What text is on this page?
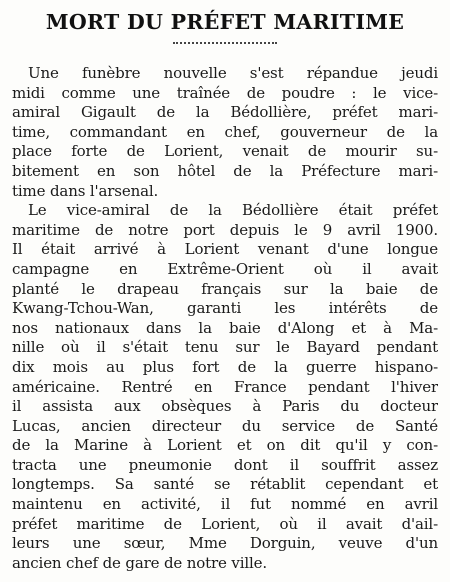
MORT DU PRÉFET MARITIME

Une funèbre nouvelle s'est répandue jeudi
midi comme une traînée de poudre : le vice-
amiral Gigault de la Bédollière, préfet mari-
time, commandant en chef, gouverneur de la
place forte de Lorient, venait de mourir su-
bitement en son hôtel de la Préfecture mari-
time dans l'arsenal.

Le vice-amiral de la Bédollière était préfet
maritime de notre port depuis le 9 avril 1900.
Il était arrivé à Lorient venant d'une longue
campagne en Extrême-Orient où il avait
planté le drapeau français sur la baie de
Kwang-Tchou-Wan, garanti les intérêts de
nos nationaux dans la baie d'Along et à Ma-
nille où il s'était tenu sur le Bayard pendant
dix mois au plus fort de la guerre hispano-
américaine. Rentré en France pendant l'hiver
il assista aux obsèques à Paris du docteur
Lucas, ancien directeur du service de Santé
de la Marine à Lorient et on dit qu'il y con-
tracta une pneumonie dont il souffrit assez
longtemps. Sa santé se rétablit cependant et
maintenu en activité, il fut nommé en avril
préfet maritime de Lorient, où il avait d'ail-
leurs une sœur, Mme Dorguin, veuve d'un
ancien chef de gare de notre ville.
